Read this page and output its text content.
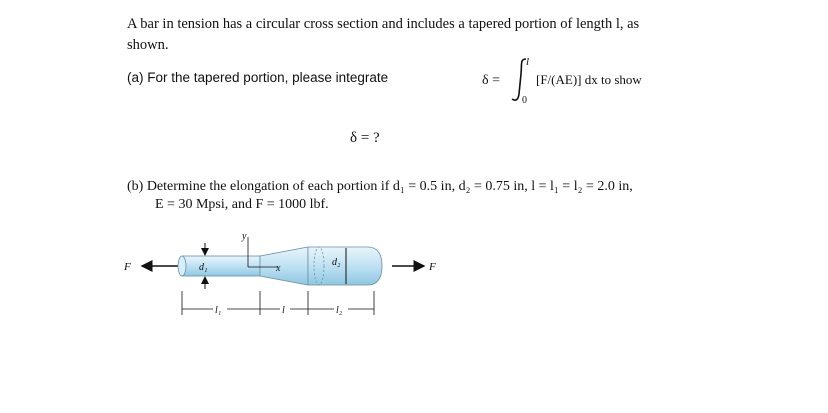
A bar in tension has a circular cross section and includes a tapered portion of length l, as
shown.
(a) For the tapered portion, please integrate	δ =
l
0
[F/(AE)] dx to show
δ = ?
(b) Determine the elongation of each portion if d₁ = 0.5 in, d₂ = 0.75 in, l = l₁ = l₂ = 2.0 in,
E = 30 Mpsi, and F = 1000 lbf.
F	d₁
y
x
d₂	F
l₁	l	l₂
